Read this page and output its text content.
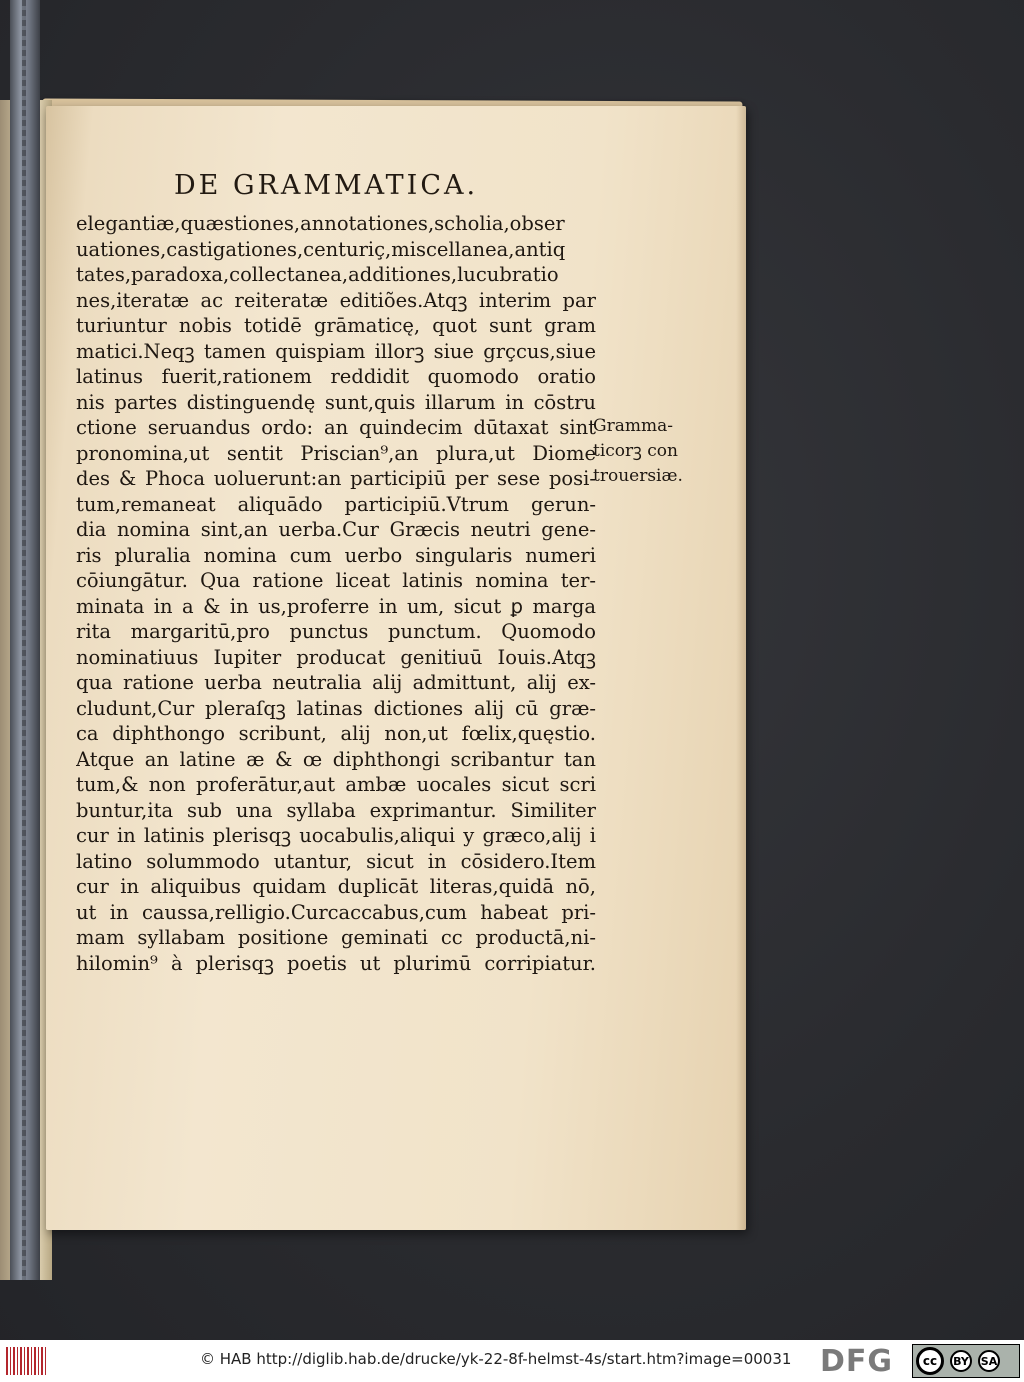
DE GRAMMATICA.
elegantiæ,quæstiones,annotationes,scholia,obser
uationes,castigationes,centuriç,miscellanea,antiq
tates,paradoxa,collectanea,additiones,lucubratio
nes,iteratæ ac reiteratæ editiões.Atqꝫ interim par
turiuntur nobis totidē grāmaticę, quot sunt gram
matici.Neqꝫ tamen quispiam illorꝫ siue grçcus,siue
latinus fuerit,rationem reddidit quomodo oratio
nis partes distinguendę sunt,quis illarum in cōstru
ctione seruandus ordo: an quindecim dūtaxat sint
pronomina,ut sentit Priscian⁹,an plura,ut Diome
des & Phoca uoluerunt:an participiū per sese posi-
tum,remaneat aliquādo participiū.Vtrum gerun-
dia nomina sint,an uerba.Cur Græcis neutri gene-
ris pluralia nomina cum uerbo singularis numeri
cōiungātur. Qua ratione liceat latinis nomina ter-
minata in a & in us,proferre in um, sicut ꝑ marga
rita margaritū,pro punctus punctum. Quomodo
nominatiuus Iupiter producat genitiuū Iouis.Atqꝫ
qua ratione uerba neutralia alij admittunt, alij ex-
cludunt,Cur pleraſqꝫ latinas dictiones alij cū græ-
ca diphthongo scribunt, alij non,ut fœlix,quęstio.
Atque an latine æ & œ diphthongi scribantur tan
tum,& non proferātur,aut ambæ uocales sicut scri
buntur,ita sub una syllaba exprimantur. Similiter
cur in latinis plerisqꝫ uocabulis,aliqui y græco,alij i
latino solummodo utantur, sicut in cōsidero.Item
cur in aliquibus quidam duplicāt literas,quidā nō,
ut in caussa,relligio.Curcaccabus,cum habeat pri-
mam syllabam positione geminati cc productā,ni-
hilomin⁹ à plerisqꝫ poetis ut plurimū corripiatur.
Gramma-
ticorꝫ con
trouersiæ.
© HAB http://diglib.hab.de/drucke/yk-22-8f-helmst-4s/start.htm?image=00031 DFG	cc	BY SA
